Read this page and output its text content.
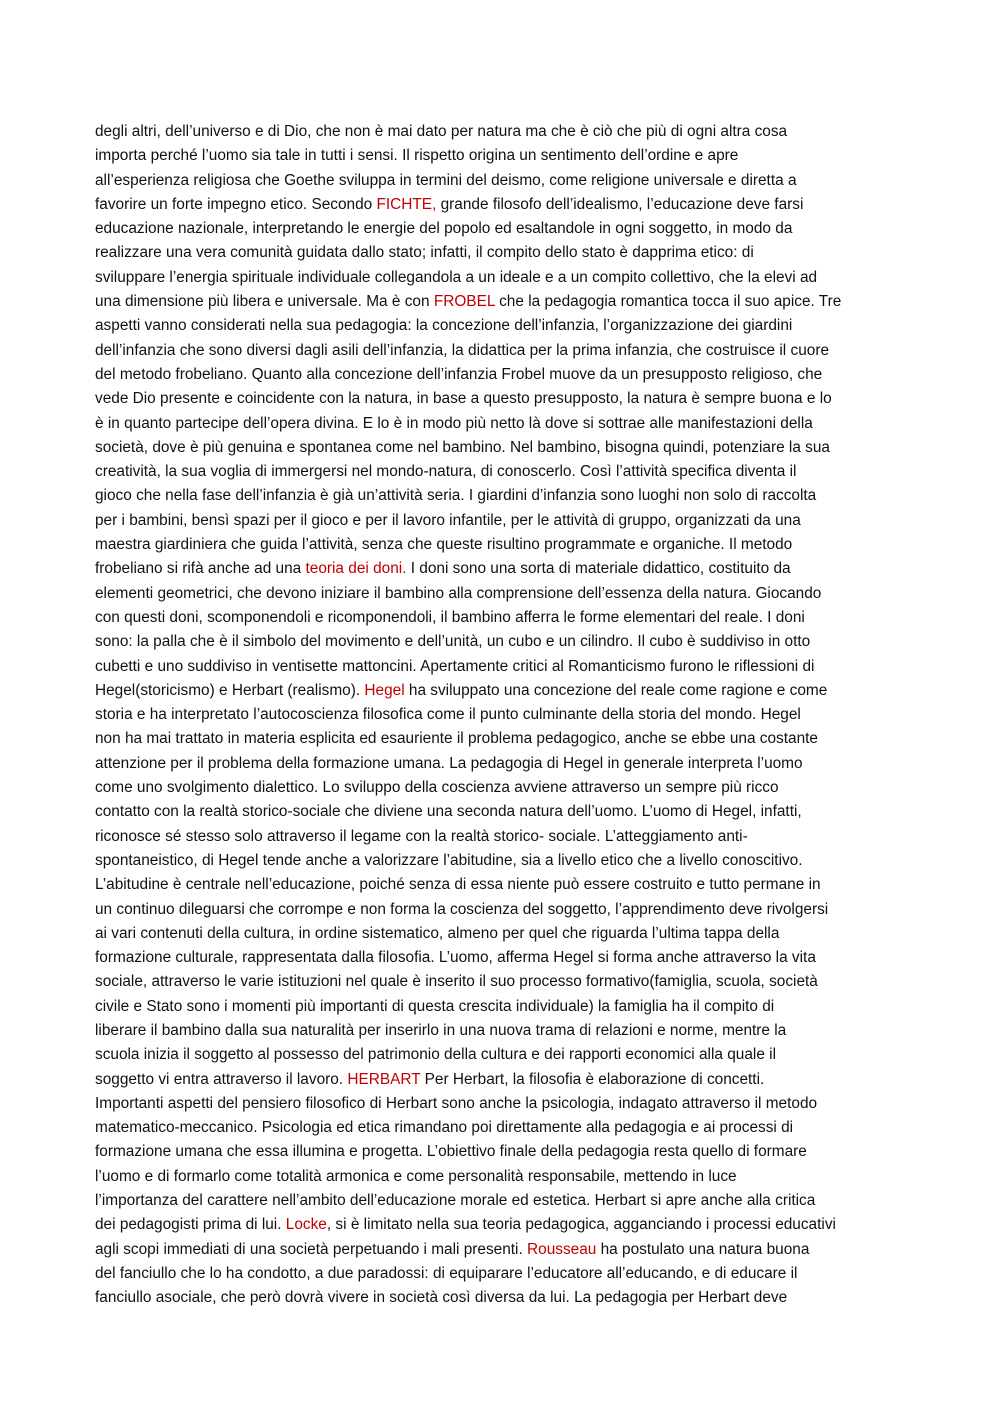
degli altri, dell’universo e di Dio, che non è mai dato per natura ma che è ciò che più di ogni altra cosa
importa perché l’uomo sia tale in tutti i sensi. Il rispetto origina un sentimento dell’ordine e apre
all’esperienza religiosa che Goethe sviluppa in termini del deismo, come religione universale e diretta a
favorire un forte impegno etico. Secondo FICHTE, grande filosofo dell’idealismo, l’educazione deve farsi
educazione nazionale, interpretando le energie del popolo ed esaltandole in ogni soggetto, in modo da
realizzare una vera comunità guidata dallo stato; infatti, il compito dello stato è dapprima etico: di
sviluppare l’energia spirituale individuale collegandola a un ideale e a un compito collettivo, che la elevi ad
una dimensione più libera e universale. Ma è con FROBEL che la pedagogia romantica tocca il suo apice. Tre
aspetti vanno considerati nella sua pedagogia: la concezione dell’infanzia, l’organizzazione dei giardini
dell’infanzia che sono diversi dagli asili dell’infanzia, la didattica per la prima infanzia, che costruisce il cuore
del metodo frobeliano. Quanto alla concezione dell’infanzia Frobel muove da un presupposto religioso, che
vede Dio presente e coincidente con la natura, in base a questo presupposto, la natura è sempre buona e lo
è in quanto partecipe dell’opera divina. E lo è in modo più netto là dove si sottrae alle manifestazioni della
società, dove è più genuina e spontanea come nel bambino. Nel bambino, bisogna quindi, potenziare la sua
creatività, la sua voglia di immergersi nel mondo-natura, di conoscerlo. Così l’attività specifica diventa il
gioco che nella fase dell’infanzia è già un’attività seria. I giardini d’infanzia sono luoghi non solo di raccolta
per i bambini, bensì spazi per il gioco e per il lavoro infantile, per le attività di gruppo, organizzati da una
maestra giardiniera che guida l’attività, senza che queste risultino programmate e organiche. Il metodo
frobeliano si rifà anche ad una teoria dei doni. I doni sono una sorta di materiale didattico, costituito da
elementi geometrici, che devono iniziare il bambino alla comprensione dell’essenza della natura. Giocando
con questi doni, scomponendoli e ricomponendoli, il bambino afferra le forme elementari del reale. I doni
sono: la palla che è il simbolo del movimento e dell’unità, un cubo e un cilindro. Il cubo è suddiviso in otto
cubetti e uno suddiviso in ventisette mattoncini. Apertamente critici al Romanticismo furono le riflessioni di
Hegel(storicismo) e Herbart (realismo). Hegel ha sviluppato una concezione del reale come ragione e come
storia e ha interpretato l’autocoscienza filosofica come il punto culminante della storia del mondo. Hegel
non ha mai trattato in materia esplicita ed esauriente il problema pedagogico, anche se ebbe una costante
attenzione per il problema della formazione umana. La pedagogia di Hegel in generale interpreta l’uomo
come uno svolgimento dialettico. Lo sviluppo della coscienza avviene attraverso un sempre più ricco
contatto con la realtà storico-sociale che diviene una seconda natura dell’uomo. L’uomo di Hegel, infatti,
riconosce sé stesso solo attraverso il legame con la realtà storico- sociale. L’atteggiamento anti-
spontaneistico, di Hegel tende anche a valorizzare l’abitudine, sia a livello etico che a livello conoscitivo.
L’abitudine è centrale nell’educazione, poiché senza di essa niente può essere costruito e tutto permane in
un continuo dileguarsi che corrompe e non forma la coscienza del soggetto, l’apprendimento deve rivolgersi
ai vari contenuti della cultura, in ordine sistematico, almeno per quel che riguarda l’ultima tappa della
formazione culturale, rappresentata dalla filosofia. L’uomo, afferma Hegel si forma anche attraverso la vita
sociale, attraverso le varie istituzioni nel quale è inserito il suo processo formativo(famiglia, scuola, società
civile e Stato sono i momenti più importanti di questa crescita individuale) la famiglia ha il compito di
liberare il bambino dalla sua naturalità per inserirlo in una nuova trama di relazioni e norme, mentre la
scuola inizia il soggetto al possesso del patrimonio della cultura e dei rapporti economici alla quale il
soggetto vi entra attraverso il lavoro. HERBART Per Herbart, la filosofia è elaborazione di concetti.
Importanti aspetti del pensiero filosofico di Herbart sono anche la psicologia, indagato attraverso il metodo
matematico-meccanico. Psicologia ed etica rimandano poi direttamente alla pedagogia e ai processi di
formazione umana che essa illumina e progetta. L’obiettivo finale della pedagogia resta quello di formare
l’uomo e di formarlo come totalità armonica e come personalità responsabile, mettendo in luce
l’importanza del carattere nell’ambito dell’educazione morale ed estetica. Herbart si apre anche alla critica
dei pedagogisti prima di lui. Locke, si è limitato nella sua teoria pedagogica, agganciando i processi educativi
agli scopi immediati di una società perpetuando i mali presenti. Rousseau ha postulato una natura buona
del fanciullo che lo ha condotto, a due paradossi: di equiparare l’educatore all’educando, e di educare il
fanciullo asociale, che però dovrà vivere in società così diversa da lui. La pedagogia per Herbart deve
